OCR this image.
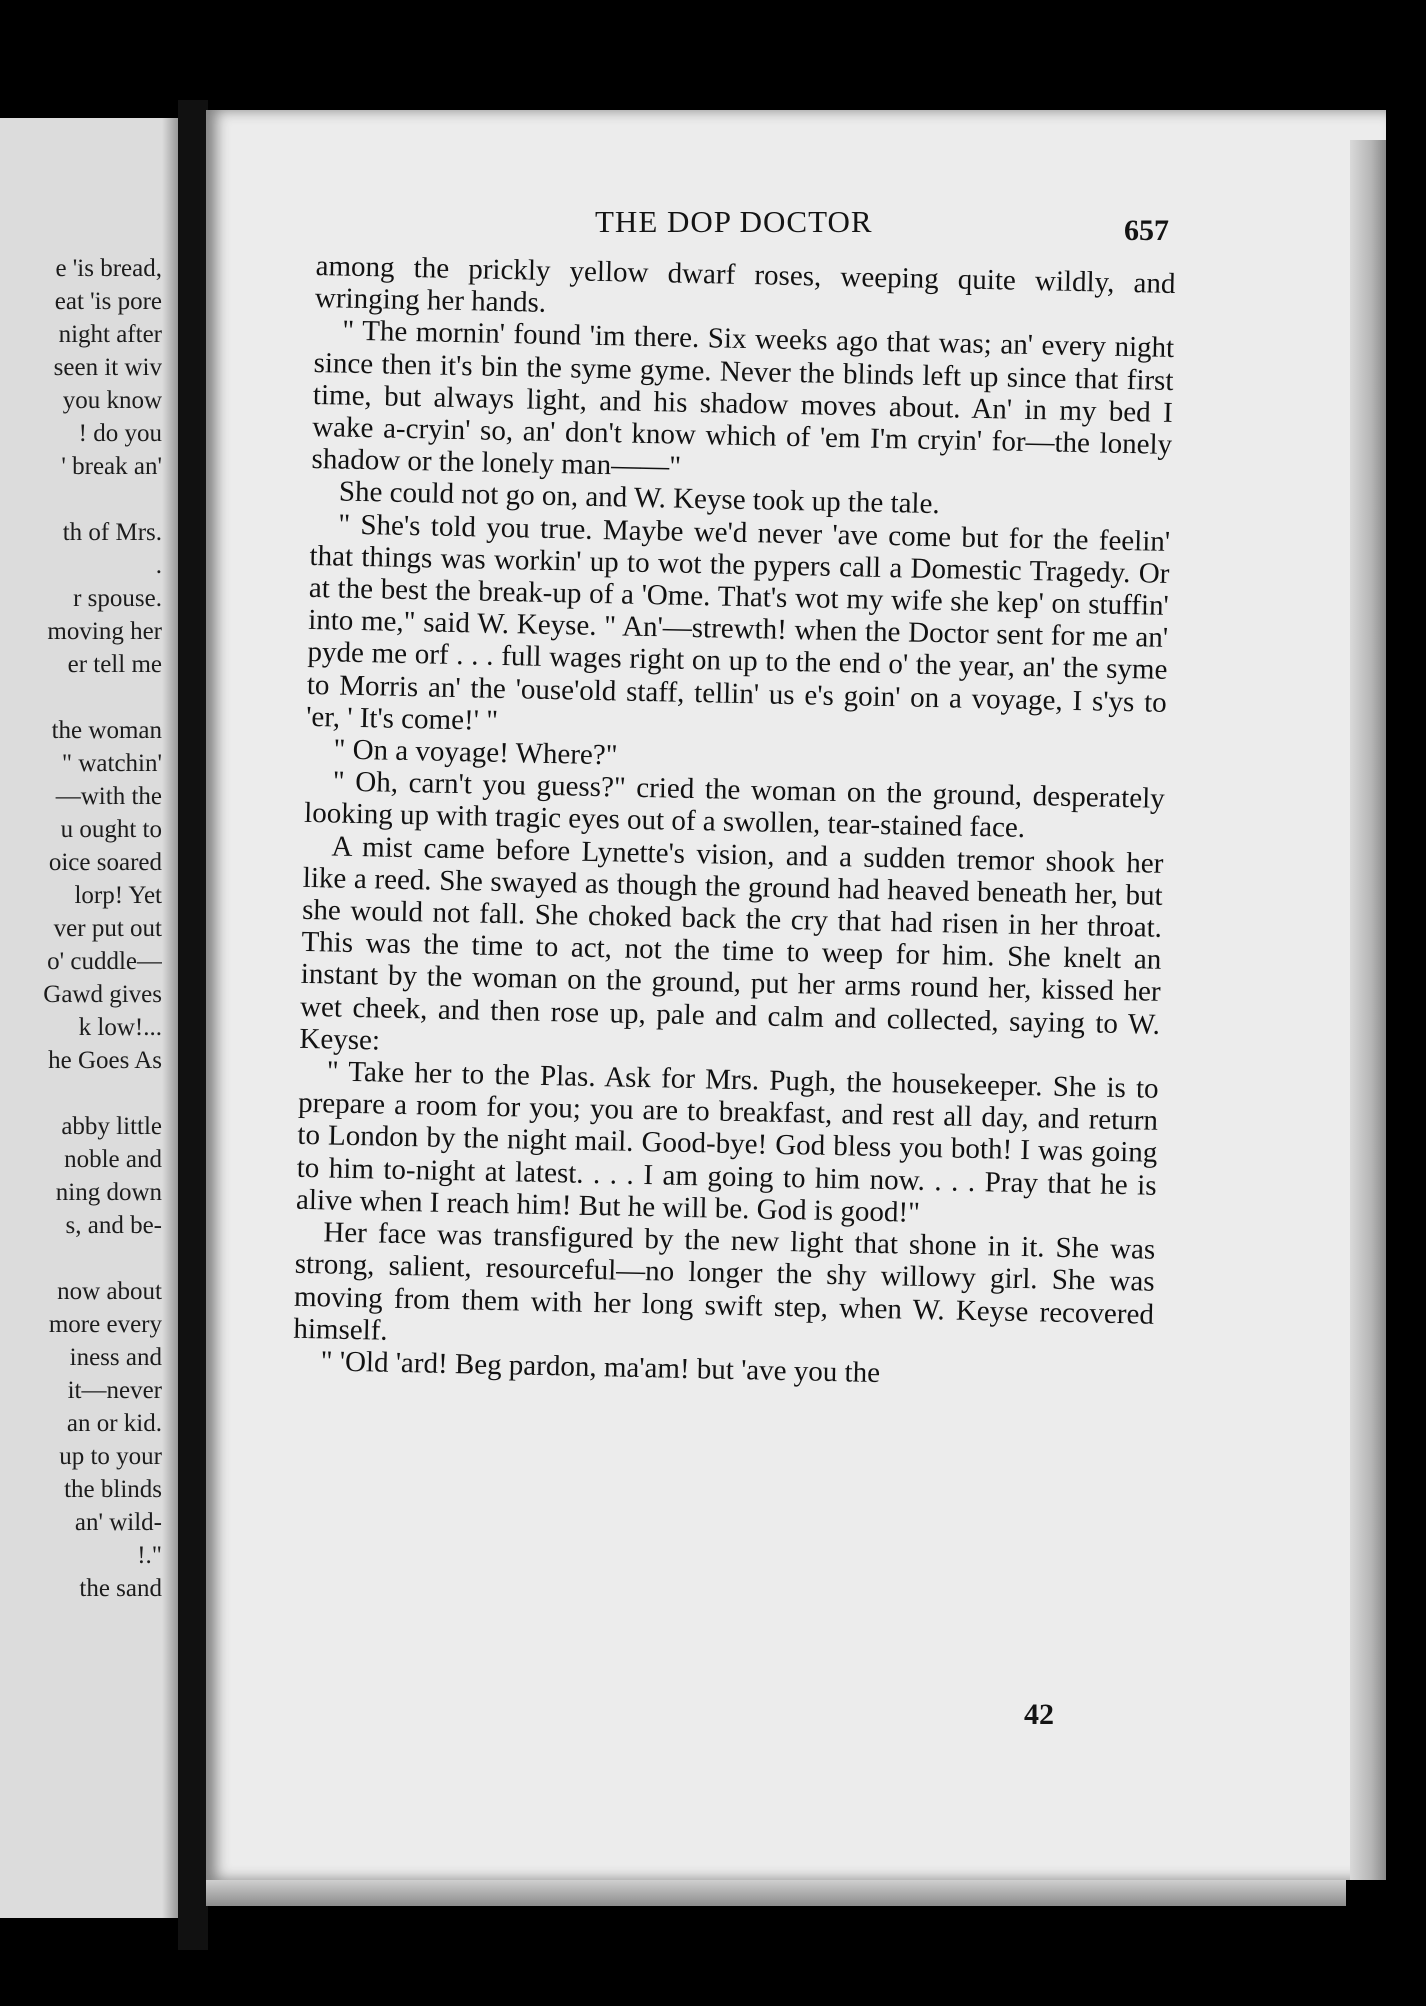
e 'is bread,
eat 'is pore
night after
seen it wiv
you know
! do you
' break an'
th of Mrs.
.
r spouse.
moving her
er tell me
the woman
" watchin'
—with the
u ought to
oice soared
lorp! Yet
ver put out
o' cuddle—
Gawd gives
k low!...
he Goes As
abby little
noble and
ning down
s, and be-
now about
more every
iness and
it—never
an or kid.
up to your
the blinds
an' wild-
!."
the sand
THE DOP DOCTOR	657

among the prickly yellow dwarf roses, weeping quite wildly, and wringing her hands.

" The mornin' found 'im there. Six weeks ago that was; an' every night since then it's bin the syme gyme. Never the blinds left up since that first time, but always light, and his shadow moves about. An' in my bed I wake a-cryin' so, an' don't know which of 'em I'm cryin' for—the lonely shadow or the lonely man——"

She could not go on, and W. Keyse took up the tale.

" She's told you true. Maybe we'd never 'ave come but for the feelin' that things was workin' up to wot the pypers call a Domestic Tragedy. Or at the best the break-up of a 'Ome. That's wot my wife she kep' on stuffin' into me," said W. Keyse. " An'—strewth! when the Doctor sent for me an' pyde me orf . . . full wages right on up to the end o' the year, an' the syme to Morris an' the 'ouse'old staff, tellin' us e's goin' on a voyage, I s'ys to 'er, ' It's come!' "

" On a voyage! Where?"

" Oh, carn't you guess?" cried the woman on the ground, desperately looking up with tragic eyes out of a swollen, tear-stained face.

A mist came before Lynette's vision, and a sudden tremor shook her like a reed. She swayed as though the ground had heaved beneath her, but she would not fall. She choked back the cry that had risen in her throat. This was the time to act, not the time to weep for him. She knelt an instant by the woman on the ground, put her arms round her, kissed her wet cheek, and then rose up, pale and calm and collected, saying to W. Keyse:

" Take her to the Plas. Ask for Mrs. Pugh, the housekeeper. She is to prepare a room for you; you are to breakfast, and rest all day, and return to London by the night mail. Good-bye! God bless you both! I was going to him to-night at latest. . . . I am going to him now. . . . Pray that he is alive when I reach him! But he will be. God is good!"

Her face was transfigured by the new light that shone in it. She was strong, salient, resourceful—no longer the shy willowy girl. She was moving from them with her long swift step, when W. Keyse recovered himself.

" 'Old 'ard! Beg pardon, ma'am! but 'ave you the

42
